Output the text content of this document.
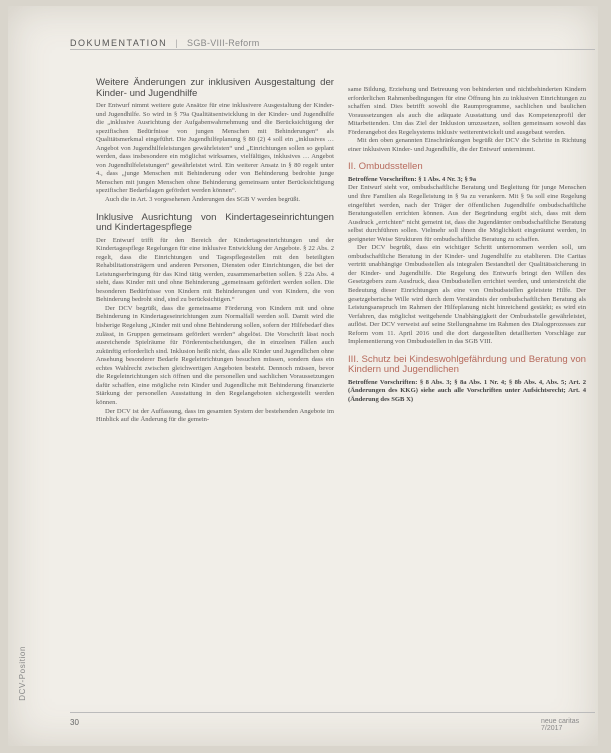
DOKUMENTATION | SGB-VIII-Reform
Weitere Änderungen zur inklusiven Ausgestaltung der Kinder- und Jugendhilfe

Der Entwurf nimmt weitere gute Ansätze für eine inklusivere Ausgestaltung der Kinder- und Jugendhilfe. So wird in § 79a Qualitätsentwicklung in der Kinder- und Jugendhilfe die „inklusive Ausrichtung der Aufgabenwahrnehmung und die Berücksichtigung der spezifischen Bedürfnisse von jungen Menschen mit Behinderungen“ als Qualitätsmerkmal eingeführt. Die Jugendhilfeplanung § 80 (2) 4 soll ein „inklusives … Angebot von Jugendhilfeleistungen gewährleisten“ und „Einrichtungen sollen so geplant werden, dass insbesondere ein möglichst wirksames, vielfältiges, inklusives … Angebot von Jugendhilfeleistungen“ gewährleistet wird. Ein weiterer Ansatz in § 80 regelt unter 4., dass „junge Menschen mit Behinderung oder von Behinderung bedrohte junge Menschen mit jungen Menschen ohne Behinderung gemeinsam unter Berücksichtigung spezifischer Bedarfslagen gefördert werden können“.

Auch die in Art. 3 vorgesehenen Änderungen des SGB V werden begrüßt.

Inklusive Ausrichtung von Kindertageseinrichtungen und Kindertagespflege

Der Entwurf trifft für den Bereich der Kindertageseinrichtungen und der Kindertagespflege Regelungen für eine inklusive Entwicklung der Angebote. § 22 Abs. 2 regelt, dass die Einrichtungen und Tagespflegestellen mit den beteiligten Rehabilitationsträgern und anderen Personen, Diensten oder Einrichtungen, die bei der Leistungserbringung für das Kind tätig werden, zusammenarbeiten sollen. § 22a Abs. 4 sieht, dass Kinder mit und ohne Behinderung „gemeinsam gefördert werden sollen. Die besonderen Bedürfnisse von Kindern mit Behinderungen und von Kindern, die von Behinderung bedroht sind, sind zu berücksichtigen.“

Der DCV begrüßt, dass die gemeinsame Förderung von Kindern mit und ohne Behinderung in Kindertageseinrichtungen zum Normalfall werden soll. Damit wird die bisherige Regelung „Kinder mit und ohne Behinderung sollen, sofern der Hilfebedarf dies zulässt, in Gruppen gemeinsam gefördert werden“ abgelöst. Die Vorschrift lässt noch ausreichende Spielräume für Förderentscheidungen, die in einzelnen Fällen auch zukünftig erforderlich sind. Inklusion heißt nicht, dass alle Kinder und Jugendlichen ohne Ansehung besonderer Bedarfe Regeleinrichtungen besuchen müssen, sondern dass ein echtes Wahlrecht zwischen gleichwertigen Angeboten besteht. Dennoch müssen, bevor die Regeleinrichtungen sich öffnen und die personellen und sachlichen Voraussetzungen dafür schaffen, eine mögliche rein Kinder und Jugendliche mit Behinderung finanzierte Stärkung der personellen Ausstattung in den Regelangeboten sichergestellt werden können.

Der DCV ist der Auffassung, dass im gesamten System der bestehenden Angebote im Hinblick auf die Änderung für die gemein-

same Bildung, Erziehung und Betreuung von behinderten und nichtbehinderten Kindern erforderlichen Rahmenbedingungen für eine Öffnung hin zu inklusiven Einrichtungen zu schaffen sind. Dies betrifft sowohl die Raumprogramme, sachlichen und baulichen Voraussetzungen als auch die adäquate Ausstattung und das Kompetenzprofil der Mitarbeitenden. Um das Ziel der Inklusion umzusetzen, sollten gemeinsam sowohl das Förderangebot des Regelsystems inklusiv weiterentwickelt und ausgebaut werden.

Mit den oben genannten Einschränkungen begrüßt der DCV die Schritte in Richtung einer inklusiven Kinder- und Jugendhilfe, die der Entwurf unternimmt.

II. Ombudsstellen

Betroffene Vorschriften: § 1 Abs. 4 Nr. 3; § 9a

Der Entwurf sieht vor, ombudschaftliche Beratung und Begleitung für junge Menschen und ihre Familien als Regelleistung in § 9a zu verankern. Mit § 9a soll eine Regelung eingeführt werden, nach der Träger der öffentlichen Jugendhilfe ombudschaftliche Beratungsstellen errichten können. Aus der Begründung ergibt sich, dass mit dem Ausdruck „errichten“ nicht gemeint ist, dass die Jugendämter ombudschaftliche Beratung selbst durchführen sollen. Vielmehr soll ihnen die Möglichkeit eingeräumt werden, in geeigneter Weise Strukturen für ombudschaftliche Beratung zu schaffen.

Der DCV begrüßt, dass ein wichtiger Schritt unternommen werden soll, um ombudschaftliche Beratung in der Kinder- und Jugendhilfe zu etablieren. Die Caritas vertritt unabhängige Ombudsstellen als integralen Bestandteil der Qualitätssicherung in der Kinder- und Jugendhilfe. Die Regelung des Entwurfs bringt den Willen des Gesetzgebers zum Ausdruck, dass Ombudsstellen errichtet werden, und unterstreicht die Bedeutung dieser Einrichtungen als eine von Ombudsstellen geleistete Hilfe. Der gesetzgeberische Wille wird durch dem Verständnis der ombudschaftlichen Beratung als Leistungsanspruch im Rahmen der Hilfeplanung nicht hinreichend gestärkt; es wird ein Verfahren, das möglichst weitgehende Unabhängigkeit der Ombudsstelle gewährleistet, auflöst. Der DCV verweist auf seine Stellungnahme im Rahmen des Dialogprozesses zur Reform vom 11. April 2016 und die dort dargestellten detaillierten Vorschläge zur Implementierung von Ombudsstellen in das SGB VIII.

III. Schutz bei Kindeswohlgefährdung und Beratung von Kindern und Jugendlichen

Betroffene Vorschriften: § 8 Abs. 3; § 8a Abs. 1 Nr. 4; § 8b Abs. 4, Abs. 5; Art. 2 (Änderungen des KKG) siehe auch alle Vorschriften unter Aufsichtsrecht; Art. 4 (Änderung des SGB X)

DCV-Position
30	neue caritas 7/2017
